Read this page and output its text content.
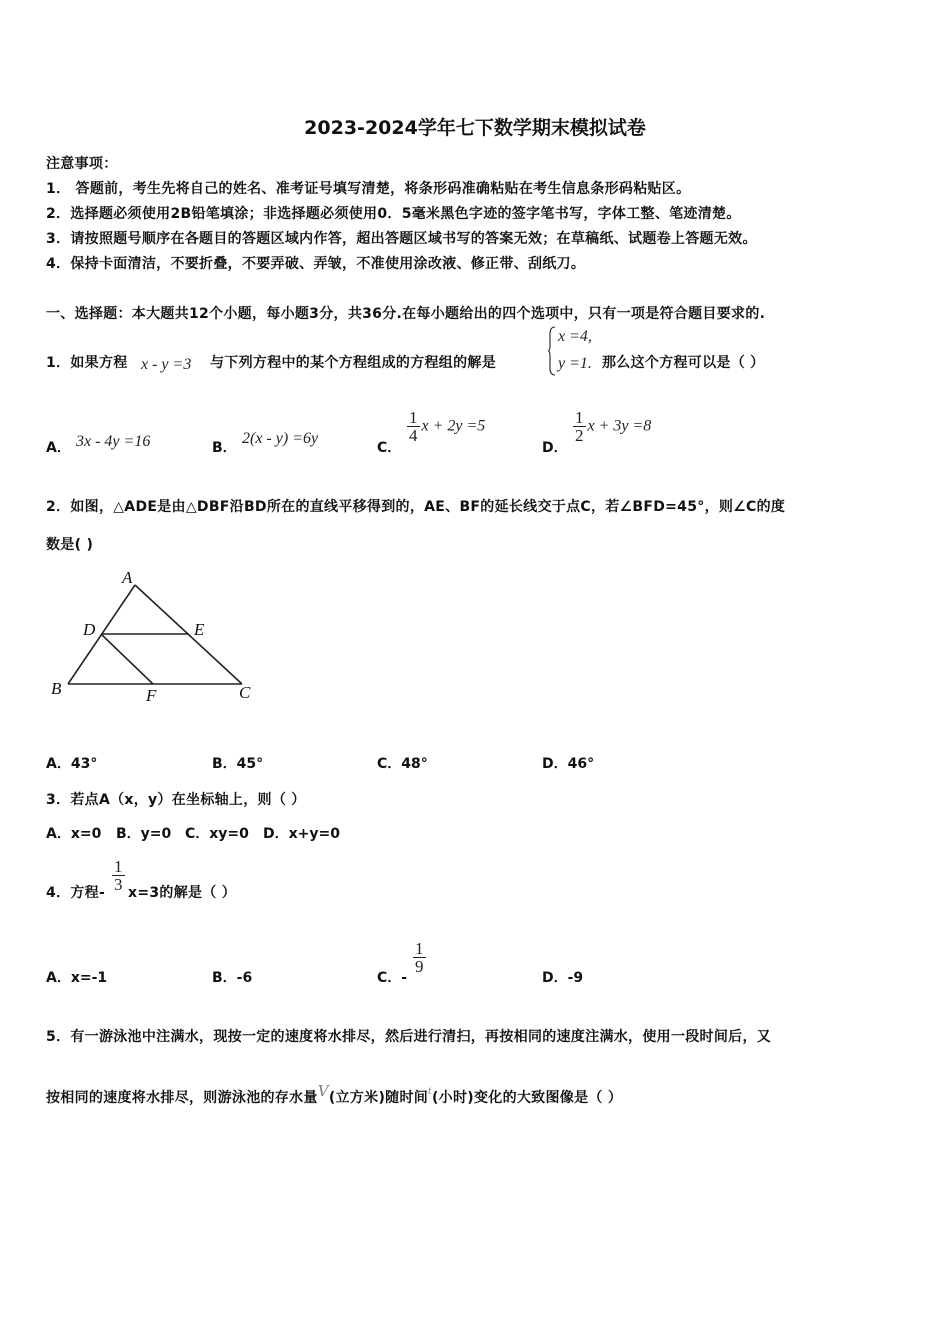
2023-2024学年七下数学期末模拟试卷
注意事项：
1． 答题前，考生先将自己的姓名、准考证号填写清楚，将条形码准确粘贴在考生信息条形码粘贴区。
2．选择题必须使用2B铅笔填涂；非选择题必须使用0．5毫米黑色字迹的签字笔书写，字体工整、笔迹清楚。
3．请按照题号顺序在各题目的答题区域内作答，超出答题区域书写的答案无效；在草稿纸、试题卷上答题无效。
4．保持卡面清洁，不要折叠，不要弄破、弄皱，不准使用涂改液、修正带、刮纸刀。
一、选择题：本大题共12个小题，每小题3分，共36分.在每小题给出的四个选项中，只有一项是符合题目要求的.
1．如果方程 x - y =3 与下列方程中的某个方程组成的方程组的解是
x =4,
y =1. 那么这个方程可以是（ ）
A． 3x - 4y =16	B．
2(x - y) =6y
C．
$\frac{1}{4}$ x + 2y =5
D．
$\frac{1}{2}$ x + 3y =8
2．如图，△ADE是由△DBF沿BD所在的直线平移得到的，AE、BF的延长线交于点C，若∠BFD=45°，则∠C的度
数是( )
A
D	E
B	F	C
A．43°	B．45°	C．48°	D．46°
3．若点A（x，y）在坐标轴上，则（ ）
A．x=0 B．y=0 C．xy=0 D．x+y=0
4．方程- $\frac{1}{3} x=3$的解是（ ）
A．x=-1	B．-6	C．-
$\frac{1}{9}$
D．-9
5．有一游泳池中注满水，现按一定的速度将水排尽，然后进行清扫，再按相同的速度注满水，使用一段时间后，又
按相同的速度将水排尽，则游泳池的存水量V(立方米)随时间$^t$(小时)变化的大致图像是（ ）
